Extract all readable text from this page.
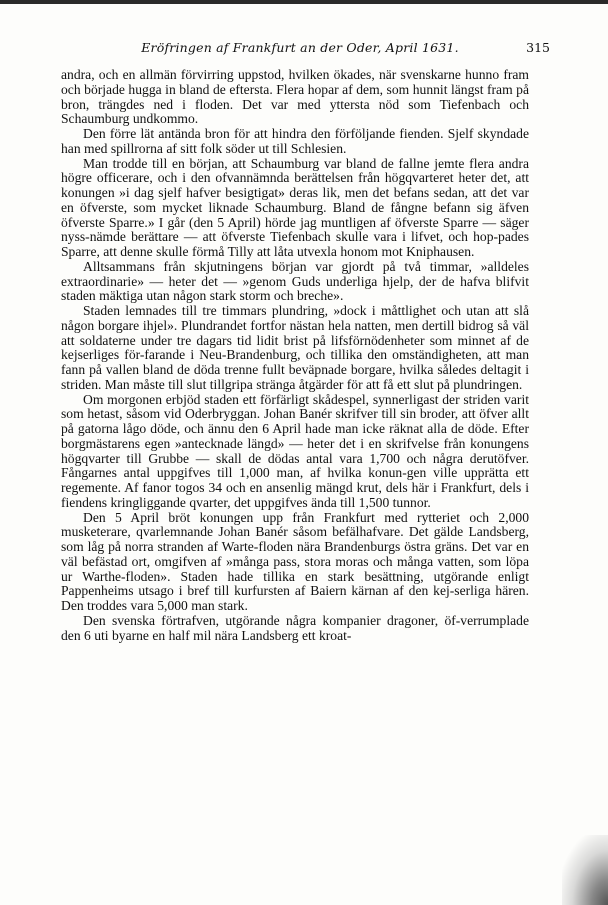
Eröfringen af Frankfurt an der Oder, April 1631.	315

andra, och en allmän förvirring uppstod, hvilken ökades, när svenskarne hunno fram och började hugga in bland de eftersta. Flera hopar af dem, som hunnit längst fram på bron, trängdes ned i floden. Det var med yttersta nöd som Tiefenbach och Schaumburg undkommo.

Den förre lät antända bron för att hindra den förföljande fienden. Sjelf skyndade han med spillrorna af sitt folk söder ut till Schlesien.

Man trodde till en början, att Schaumburg var bland de fallne jemte flera andra högre officerare, och i den ofvannämnda berättelsen från högqvarteret heter det, att konungen »i dag sjelf hafver besigtigat» deras lik, men det befans sedan, att det var en öfverste, som mycket liknade Schaumburg. Bland de fångne befann sig äfven öfverste Sparre.» I går (den 5 April) hörde jag muntligen af öfverste Sparre — säger nyss-nämde berättare — att öfverste Tiefenbach skulle vara i lifvet, och hop-pades Sparre, att denne skulle förmå Tilly att låta utvexla honom mot Kniphausen.

Alltsammans från skjutningens början var gjordt på två timmar, »alldeles extraordinarie» — heter det — »genom Guds underliga hjelp, der de hafva blifvit staden mäktiga utan någon stark storm och breche».

Staden lemnades till tre timmars plundring, »dock i måttlighet och utan att slå någon borgare ihjel». Plundrandet fortfor nästan hela natten, men dertill bidrog så väl att soldaterne under tre dagars tid lidit brist på lifsförnödenheter som minnet af de kejserliges för-farande i Neu-Brandenburg, och tillika den omständigheten, att man fann på vallen bland de döda trenne fullt beväpnade borgare, hvilka således deltagit i striden. Man måste till slut tillgripa stränga åtgärder för att få ett slut på plundringen.

Om morgonen erbjöd staden ett förfärligt skådespel, synnerligast der striden varit som hetast, såsom vid Oderbryggan. Johan Banér skrifver till sin broder, att öfver allt på gatorna lågo döde, och ännu den 6 April hade man icke räknat alla de döde. Efter borgmästarens egen »antecknade längd» — heter det i en skrifvelse från konungens högqvarter till Grubbe — skall de dödas antal vara 1,700 och några derutöfver. Fångarnes antal uppgifves till 1,000 man, af hvilka konun-gen ville upprätta ett regemente. Af fanor togos 34 och en ansenlig mängd krut, dels här i Frankfurt, dels i fiendens kringliggande qvarter, det uppgifves ända till 1,500 tunnor.

Den 5 April bröt konungen upp från Frankfurt med rytteriet och 2,000 musketerare, qvarlemnande Johan Banér såsom befälhafvare. Det gälde Landsberg, som låg på norra stranden af Warte-floden nära Brandenburgs östra gräns. Det var en väl befästad ort, omgifven af »många pass, stora moras och många vatten, som löpa ur Warthe-floden». Staden hade tillika en stark besättning, utgörande enligt Pappenheims utsago i bref till kurfursten af Baiern kärnan af den kej-serliga hären. Den troddes vara 5,000 man stark.

Den svenska förtrafven, utgörande några kompanier dragoner, öf-verrumplade den 6 uti byarne en half mil nära Landsberg ett kroat-
